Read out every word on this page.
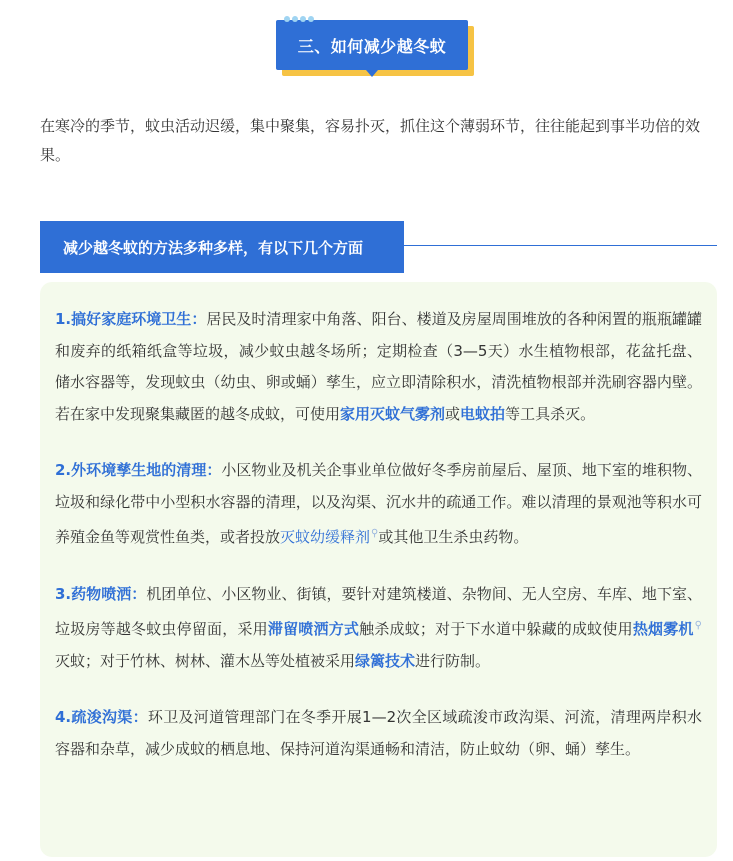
三、如何减少越冬蚊

在寒冷的季节，蚊虫活动迟缓，集中聚集，容易扑灭，抓住这个薄弱环节，往往能起到事半功倍的效果。

减少越冬蚊的方法多种多样，有以下几个方面

1.搞好家庭环境卫生：居民及时清理家中角落、阳台、楼道及房屋周围堆放的各种闲置的瓶瓶罐罐和废弃的纸箱纸盒等垃圾，减少蚊虫越冬场所；定期检查（3—5天）水生植物根部，花盆托盘、储水容器等，发现蚊虫（幼虫、卵或蛹）孳生，应立即清除积水，清洗植物根部并洗刷容器内壁。若在家中发现聚集藏匿的越冬成蚊，可使用家用灭蚊气雾剂或电蚊拍等工具杀灭。

2.外环境孳生地的清理：小区物业及机关企事业单位做好冬季房前屋后、屋顶、地下室的堆积物、垃圾和绿化带中小型积水容器的清理，以及沟渠、沉水井的疏通工作。难以清理的景观池等积水可养殖金鱼等观赏性鱼类，或者投放灭蚊幼缓释剂⚲或其他卫生杀虫药物。

3.药物喷洒：机团单位、小区物业、街镇，要针对建筑楼道、杂物间、无人空房、车库、地下室、垃圾房等越冬蚊虫停留面，采用滞留喷洒方式触杀成蚊；对于下水道中躲藏的成蚊使用热烟雾机⚲灭蚊；对于竹林、树林、灌木丛等处植被采用绿篱技术进行防制。

4.疏浚沟渠：环卫及河道管理部门在冬季开展1—2次全区域疏浚市政沟渠、河流，清理两岸积水容器和杂草，减少成蚊的栖息地、保持河道沟渠通畅和清洁，防止蚊幼（卵、蛹）孳生。
